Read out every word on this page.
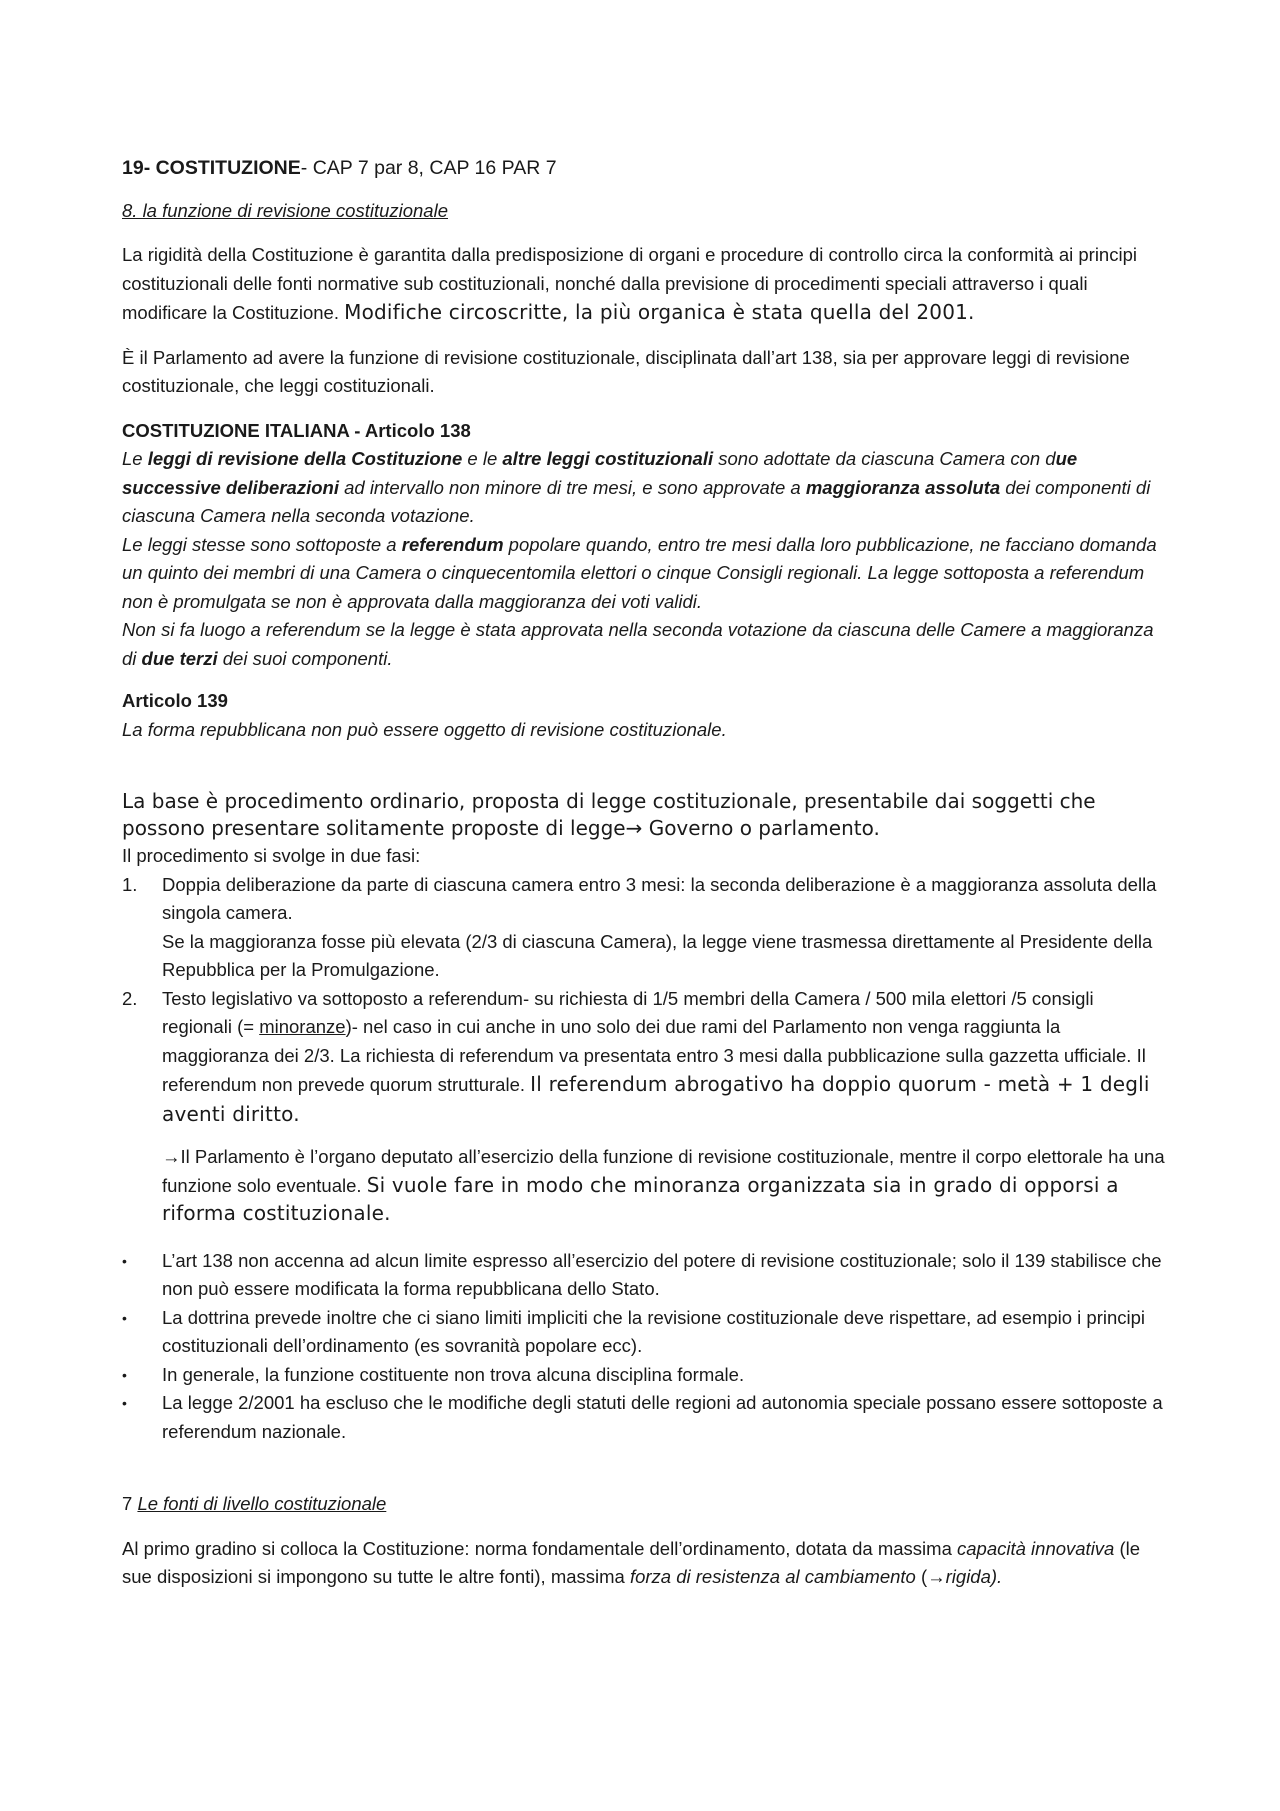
19- COSTITUZIONE- CAP 7 par 8, CAP 16 PAR 7

8. la funzione di revisione costituzionale

La rigidità della Costituzione è garantita dalla predisposizione di organi e procedure di controllo circa la conformità ai principi costituzionali delle fonti normative sub costituzionali, nonché dalla previsione di procedimenti speciali attraverso i quali modificare la Costituzione. Modifiche circoscritte, la più organica è stata quella del 2001.

È il Parlamento ad avere la funzione di revisione costituzionale, disciplinata dall’art 138, sia per approvare leggi di revisione costituzionale, che leggi costituzionali.

COSTITUZIONE ITALIANA - Articolo 138

Le leggi di revisione della Costituzione e le altre leggi costituzionali sono adottate da ciascuna Camera con due successive deliberazioni ad intervallo non minore di tre mesi, e sono approvate a maggioranza assoluta dei componenti di ciascuna Camera nella seconda votazione.

Le leggi stesse sono sottoposte a referendum popolare quando, entro tre mesi dalla loro pubblicazione, ne facciano domanda un quinto dei membri di una Camera o cinquecentomila elettori o cinque Consigli regionali. La legge sottoposta a referendum non è promulgata se non è approvata dalla maggioranza dei voti validi.

Non si fa luogo a referendum se la legge è stata approvata nella seconda votazione da ciascuna delle Camere a maggioranza di due terzi dei suoi componenti.

Articolo 139

La forma repubblicana non può essere oggetto di revisione costituzionale.

La base è procedimento ordinario, proposta di legge costituzionale, presentabile dai soggetti che possono presentare solitamente proposte di legge→ Governo o parlamento.

Il procedimento si svolge in due fasi:

1. Doppia deliberazione da parte di ciascuna camera entro 3 mesi: la seconda deliberazione è a maggioranza assoluta della singola camera.

Se la maggioranza fosse più elevata (2/3 di ciascuna Camera), la legge viene trasmessa direttamente al Presidente della Repubblica per la Promulgazione.

2. Testo legislativo va sottoposto a referendum- su richiesta di 1/5 membri della Camera / 500 mila elettori /5 consigli regionali (= minoranze)- nel caso in cui anche in uno solo dei due rami del Parlamento non venga raggiunta la maggioranza dei 2/3. La richiesta di referendum va presentata entro 3 mesi dalla pubblicazione sulla gazzetta ufficiale. Il referendum non prevede quorum strutturale. Il referendum abrogativo ha doppio quorum - metà + 1 degli aventi diritto.

→Il Parlamento è l’organo deputato all’esercizio della funzione di revisione costituzionale, mentre il corpo elettorale ha una funzione solo eventuale. Si vuole fare in modo che minoranza organizzata sia in grado di opporsi a riforma costituzionale.

• L’art 138 non accenna ad alcun limite espresso all’esercizio del potere di revisione costituzionale; solo il 139 stabilisce che non può essere modificata la forma repubblicana dello Stato.
• La dottrina prevede inoltre che ci siano limiti impliciti che la revisione costituzionale deve rispettare, ad esempio i principi costituzionali dell’ordinamento (es sovranità popolare ecc).
• In generale, la funzione costituente non trova alcuna disciplina formale.
• La legge 2/2001 ha escluso che le modifiche degli statuti delle regioni ad autonomia speciale possano essere sottoposte a referendum nazionale.

7 Le fonti di livello costituzionale

Al primo gradino si colloca la Costituzione: norma fondamentale dell’ordinamento, dotata da massima capacità innovativa (le sue disposizioni si impongono su tutte le altre fonti), massima forza di resistenza al cambiamento (→rigida).
